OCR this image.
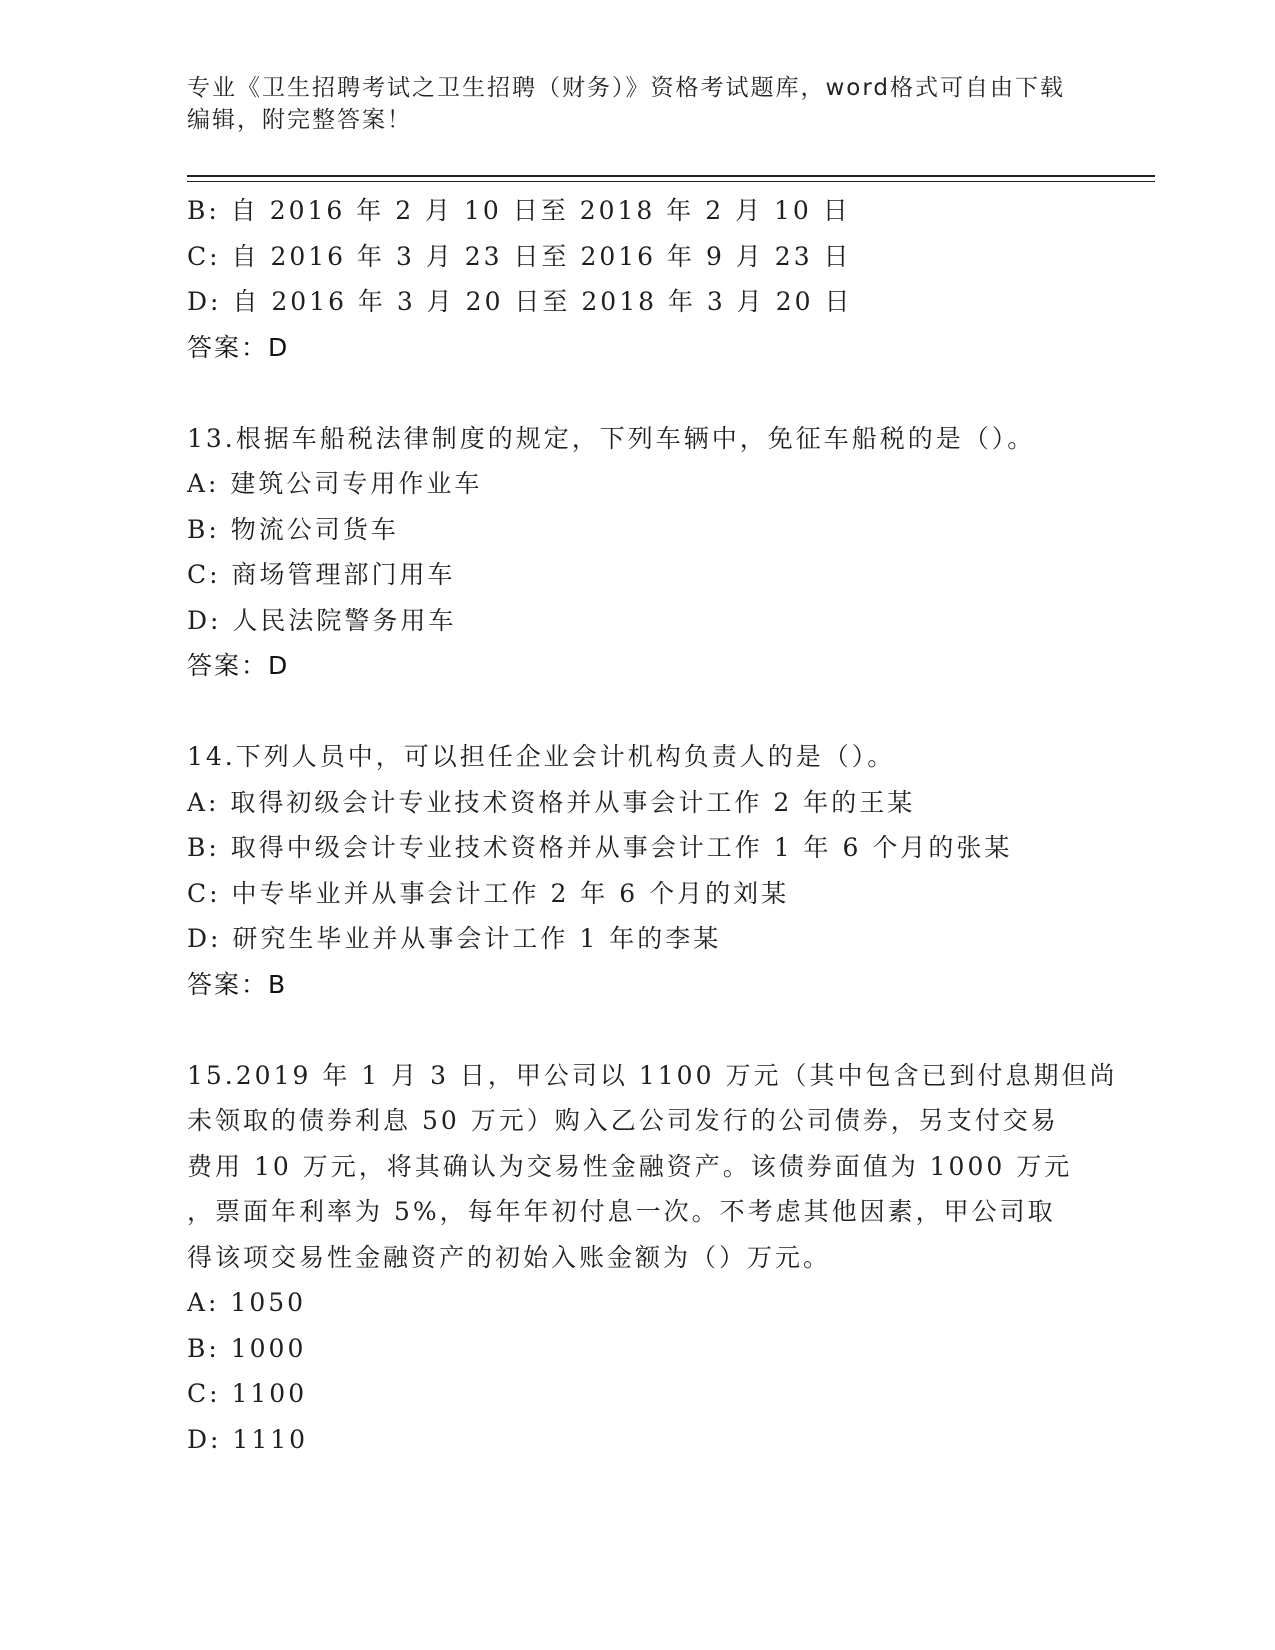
专业《卫生招聘考试之卫生招聘（财务）》资格考试题库，word格式可自由下载编辑，附完整答案！
B: 自 2016 年 2 月 10 日至 2018 年 2 月 10 日
C: 自 2016 年 3 月 23 日至 2016 年 9 月 23 日
D: 自 2016 年 3 月 20 日至 2018 年 3 月 20 日
答案：D
13.根据车船税法律制度的规定，下列车辆中，免征车船税的是（）。
A: 建筑公司专用作业车
B: 物流公司货车
C: 商场管理部门用车
D: 人民法院警务用车
答案：D
14.下列人员中，可以担任企业会计机构负责人的是（）。
A: 取得初级会计专业技术资格并从事会计工作 2 年的王某
B: 取得中级会计专业技术资格并从事会计工作 1 年 6 个月的张某
C: 中专毕业并从事会计工作 2 年 6 个月的刘某
D: 研究生毕业并从事会计工作 1 年的李某
答案：B
15.2019 年 1 月 3 日，甲公司以 1100 万元（其中包含已到付息期但尚
未领取的债券利息 50 万元）购入乙公司发行的公司债券，另支付交易
费用 10 万元，将其确认为交易性金融资产。该债券面值为 1000 万元
，票面年利率为 5%，每年年初付息一次。不考虑其他因素，甲公司取
得该项交易性金融资产的初始入账金额为（）万元。
A: 1050
B: 1000
C: 1100
D: 1110
